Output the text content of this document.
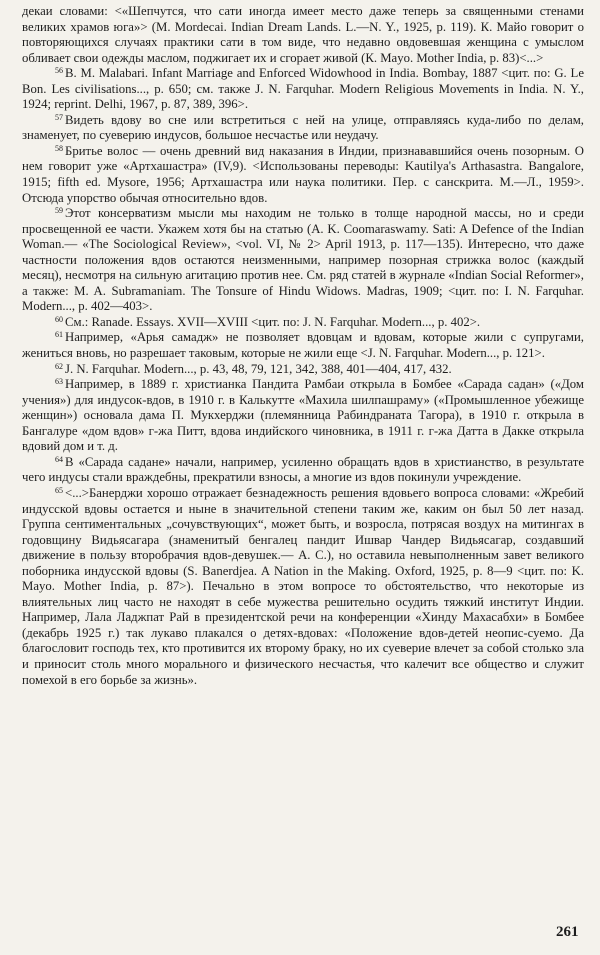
декаи словами: <«Шепчутся, что сати иногда имеет место даже теперь за священными стенами великих храмов юга»> (M. Mordecai. Indian Dream Lands. L.—N. Y., 1925, p. 119). К. Майо говорит о повторяющихся случаях практики сати в том виде, что недавно овдовевшая женщина с умыслом обливает свои одежды маслом, поджигает их и сгорает живой (К. Мayo. Mother India, p. 83)<...>

$^{56}$ B. M. Malabari. Infant Marriage and Enforced Widowhood in India. Bombay, 1887 <цит. по: G. Le Bon. Les civilisations..., p. 650; см. также J. N. Farquhar. Modern Religious Movements in India. N. Y., 1924; reprint. Delhi, 1967, p. 87, 389, 396>.

$^{57}$ Видеть вдову во сне или встретиться с ней на улице, отправляясь куда-либо по делам, знаменует, по суеверию индусов, большое несчастье или неудачу.

$^{58}$ Бритье волос — очень древний вид наказания в Индии, признававшийся очень позорным. О нем говорит уже «Артхашастра» (IV,9). <Использованы переводы: Kautilya's Arthasastra. Bangalore, 1915; fifth ed. Mysore, 1956; Артхашастра или наука политики. Пер. с санскрита. М.—Л., 1959>. Отсюда упорство обычая относительно вдов.

$^{59}$ Этот консерватизм мысли мы находим не только в толще народной массы, но и среди просвещенной ее части. Укажем хотя бы на статью (A. K. Coomaraswamy. Sati: A Defence of the Indian Woman.— «The Sociological Review», <vol. VI, № 2> April 1913, p. 117—135). Интересно, что даже частности положения вдов остаются неизменными, например позорная стрижка волос (каждый месяц), несмотря на сильную агитацию против нее. См. ряд статей в журнале «Indian Social Reformer», а также: M. A. Subramaniam. The Tonsure of Hindu Widows. Madras, 1909; <цит. по: I. N. Farquhar. Modern..., p. 402—403>.

$^{60}$ См.: Ranade. Essays. XVII—XVIII <цит. по: J. N. Farquhar. Modern..., p. 402>.

$^{61}$ Например, «Арья самадж» не позволяет вдовцам и вдовам, которые жили с супругами, жениться вновь, но разрешает таковым, которые не жили еще <J. N. Farquhar. Modern..., p. 121>.

$^{62}$ J. N. Farquhar. Modern..., p. 43, 48, 79, 121, 342, 388, 401—404, 417, 432.

$^{63}$ Например, в 1889 г. христианка Пандита Рамбаи открыла в Бомбее «Сарада садан» («Дом учения») для индусок-вдов, в 1910 г. в Калькутте «Махила шилпашраму» («Промышленное убежище женщин») основала дама П. Мукхерджи (племянница Рабиндраната Тагора), в 1910 г. открыла в Бангалуре «дом вдов» г-жа Питт, вдова индийского чиновника, в 1911 г. г-жа Датта в Дакке открыла вдовий дом и т. д.

$^{64}$ В «Сарада садане» начали, например, усиленно обращать вдов в христианство, в результате чего индусы стали враждебны, прекратили взносы, а многие из вдов покинули учреждение.

$^{65}$ <...>Банерджи хорошо отражает безнадежность решения вдовьего вопроса словами: «Жребий индусской вдовы остается и ныне в значительной степени таким же, каким он был 50 лет назад. Группа сентиментальных „сочувствующих“, может быть, и возросла, потрясая воздух на митингах в годовщину Видьясагара (знаменитый бенгалец пандит Ишвар Чандер Видьясагар, создавший движение в пользу второбрачия вдов-девушек.— А. С.), но оставила невыполненным завет великого поборника индусской вдовы (S. Banerdjea. A Nation in the Making. Oxford, 1925, p. 8—9 <цит. по: K. Mayo. Mother India, p. 87>). Печально в этом вопросе то обстоятельство, что некоторые из влиятельных лиц часто не находят в себе мужества решительно осудить тяжкий институт Индии. Например, Лала Ладжпат Рай в президентской речи на конференции «Хинду Махасабхи» в Бомбее (декабрь 1925 г.) так лукаво плакался о детях-вдовах: «Положение вдов-детей неопис-суемо. Да благословит господь тех, кто противится их второму браку, но их суеверие влечет за собой столько зла и приносит столь много морального и физического несчастья, что калечит все общество и служит помехой в его борьбе за жизнь».

261
